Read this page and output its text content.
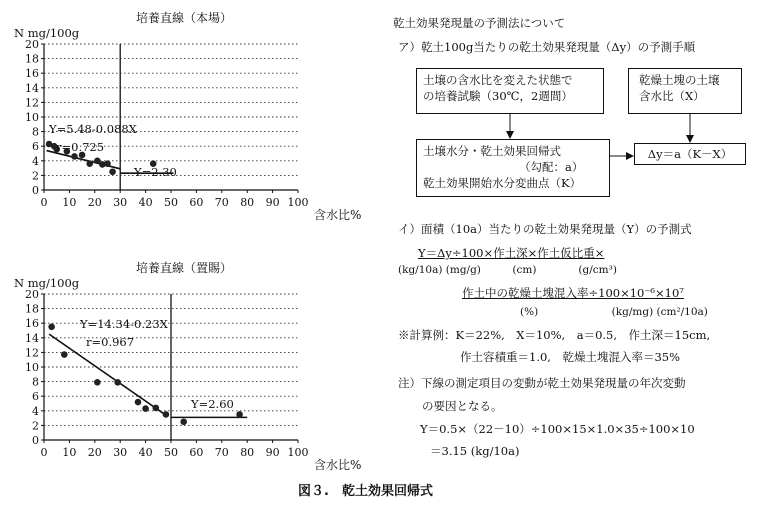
培養直線（本場）
N mg/100g
含水比%
0
2
4
6
8
10
12
14
16
18
20
0 10 20 30 40 50 60 70 80 90 100
Y=5.48-0.088X
r=0.725
Y=2.30
培養直線（置賜）
N mg/100g
含水比%
0
2
4
6
8
10
12
14
16
18
20
0 10 20 30 40 50 60 70 80 90 100
Y=14.34-0.23X
r=0.967
Y=2.60
乾土効果発現量の予測法について
ア）乾土100g当たりの乾土効果発現量（Δy）の予測手順
土壌の含水比を変えた状態で
の培養試験（30℃，2週間）
乾燥土塊の土壌
含水比（X）
土壌水分・乾土効果回帰式
（勾配：a）
乾土効果開始水分変曲点（K）
Δy＝a（K－X）
イ）面積（10a）当たりの乾土効果発現量（Y）の予測式
Y＝Δy÷100×作土深×作土仮比重×
(kg/10a) (mg/g)　　　(cm)　　　　(g/cm³)
作土中の乾燥土塊混入率÷100×10⁻⁶×10⁷
(%)　　　　　　　(kg/mg) (cm²/10a)
※計算例：K＝22%,　X＝10%,　a＝0.5,　作土深＝15cm,
作土容積重＝1.0,　乾燥土塊混入率＝35%
注）下線の測定項目の変動が乾土効果発現量の年次変動
の要因となる。
Y＝0.5×（22－10）÷100×15×1.0×35÷100×10
＝3.15 (kg/10a)
図３.　乾土効果回帰式
